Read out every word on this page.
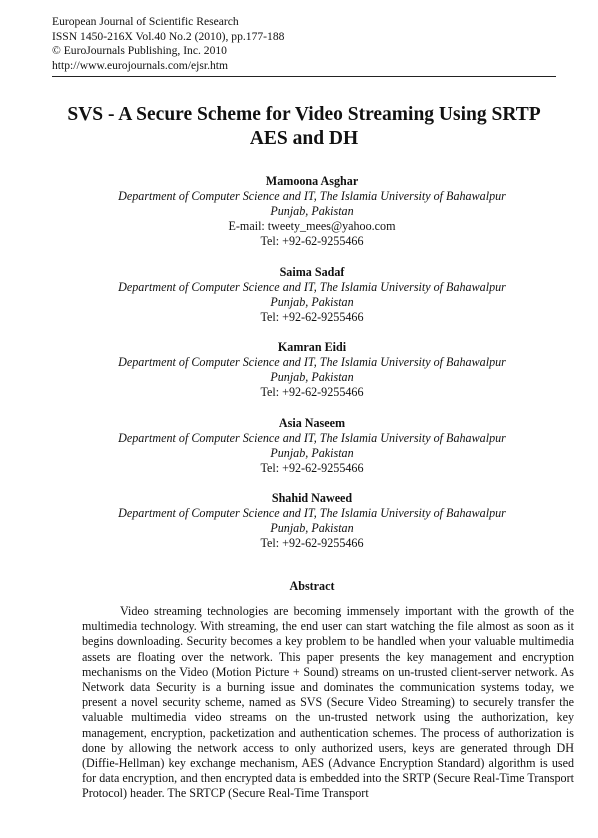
European Journal of Scientific Research
ISSN 1450-216X Vol.40 No.2 (2010), pp.177-188
© EuroJournals Publishing, Inc. 2010
http://www.eurojournals.com/ejsr.htm
SVS - A Secure Scheme for Video Streaming Using SRTP
AES and DH
Mamoona Asghar
Department of Computer Science and IT, The Islamia University of Bahawalpur
Punjab, Pakistan
E-mail: tweety_mees@yahoo.com
Tel: +92-62-9255466
Saima Sadaf
Department of Computer Science and IT, The Islamia University of Bahawalpur
Punjab, Pakistan
Tel: +92-62-9255466
Kamran Eidi
Department of Computer Science and IT, The Islamia University of Bahawalpur
Punjab, Pakistan
Tel: +92-62-9255466
Asia Naseem
Department of Computer Science and IT, The Islamia University of Bahawalpur
Punjab, Pakistan
Tel: +92-62-9255466
Shahid Naweed
Department of Computer Science and IT, The Islamia University of Bahawalpur
Punjab, Pakistan
Tel: +92-62-9255466
Abstract

Video streaming technologies are becoming immensely important with the growth of the multimedia technology. With streaming, the end user can start watching the file almost as soon as it begins downloading. Security becomes a key problem to be handled when your valuable multimedia assets are floating over the network. This paper presents the key management and encryption mechanisms on the Video (Motion Picture + Sound) streams on un-trusted client-server network. As Network data Security is a burning issue and dominates the communication systems today, we present a novel security scheme, named as SVS (Secure Video Streaming) to securely transfer the valuable multimedia video streams on the un-trusted network using the authorization, key management, encryption, packetization and authentication schemes. The process of authorization is done by allowing the network access to only authorized users, keys are generated through DH (Diffie-Hellman) key exchange mechanism, AES (Advance Encryption Standard) algorithm is used for data encryption, and then encrypted data is embedded into the SRTP (Secure Real-Time Transport Protocol) header. The SRTCP (Secure Real-Time Transport
